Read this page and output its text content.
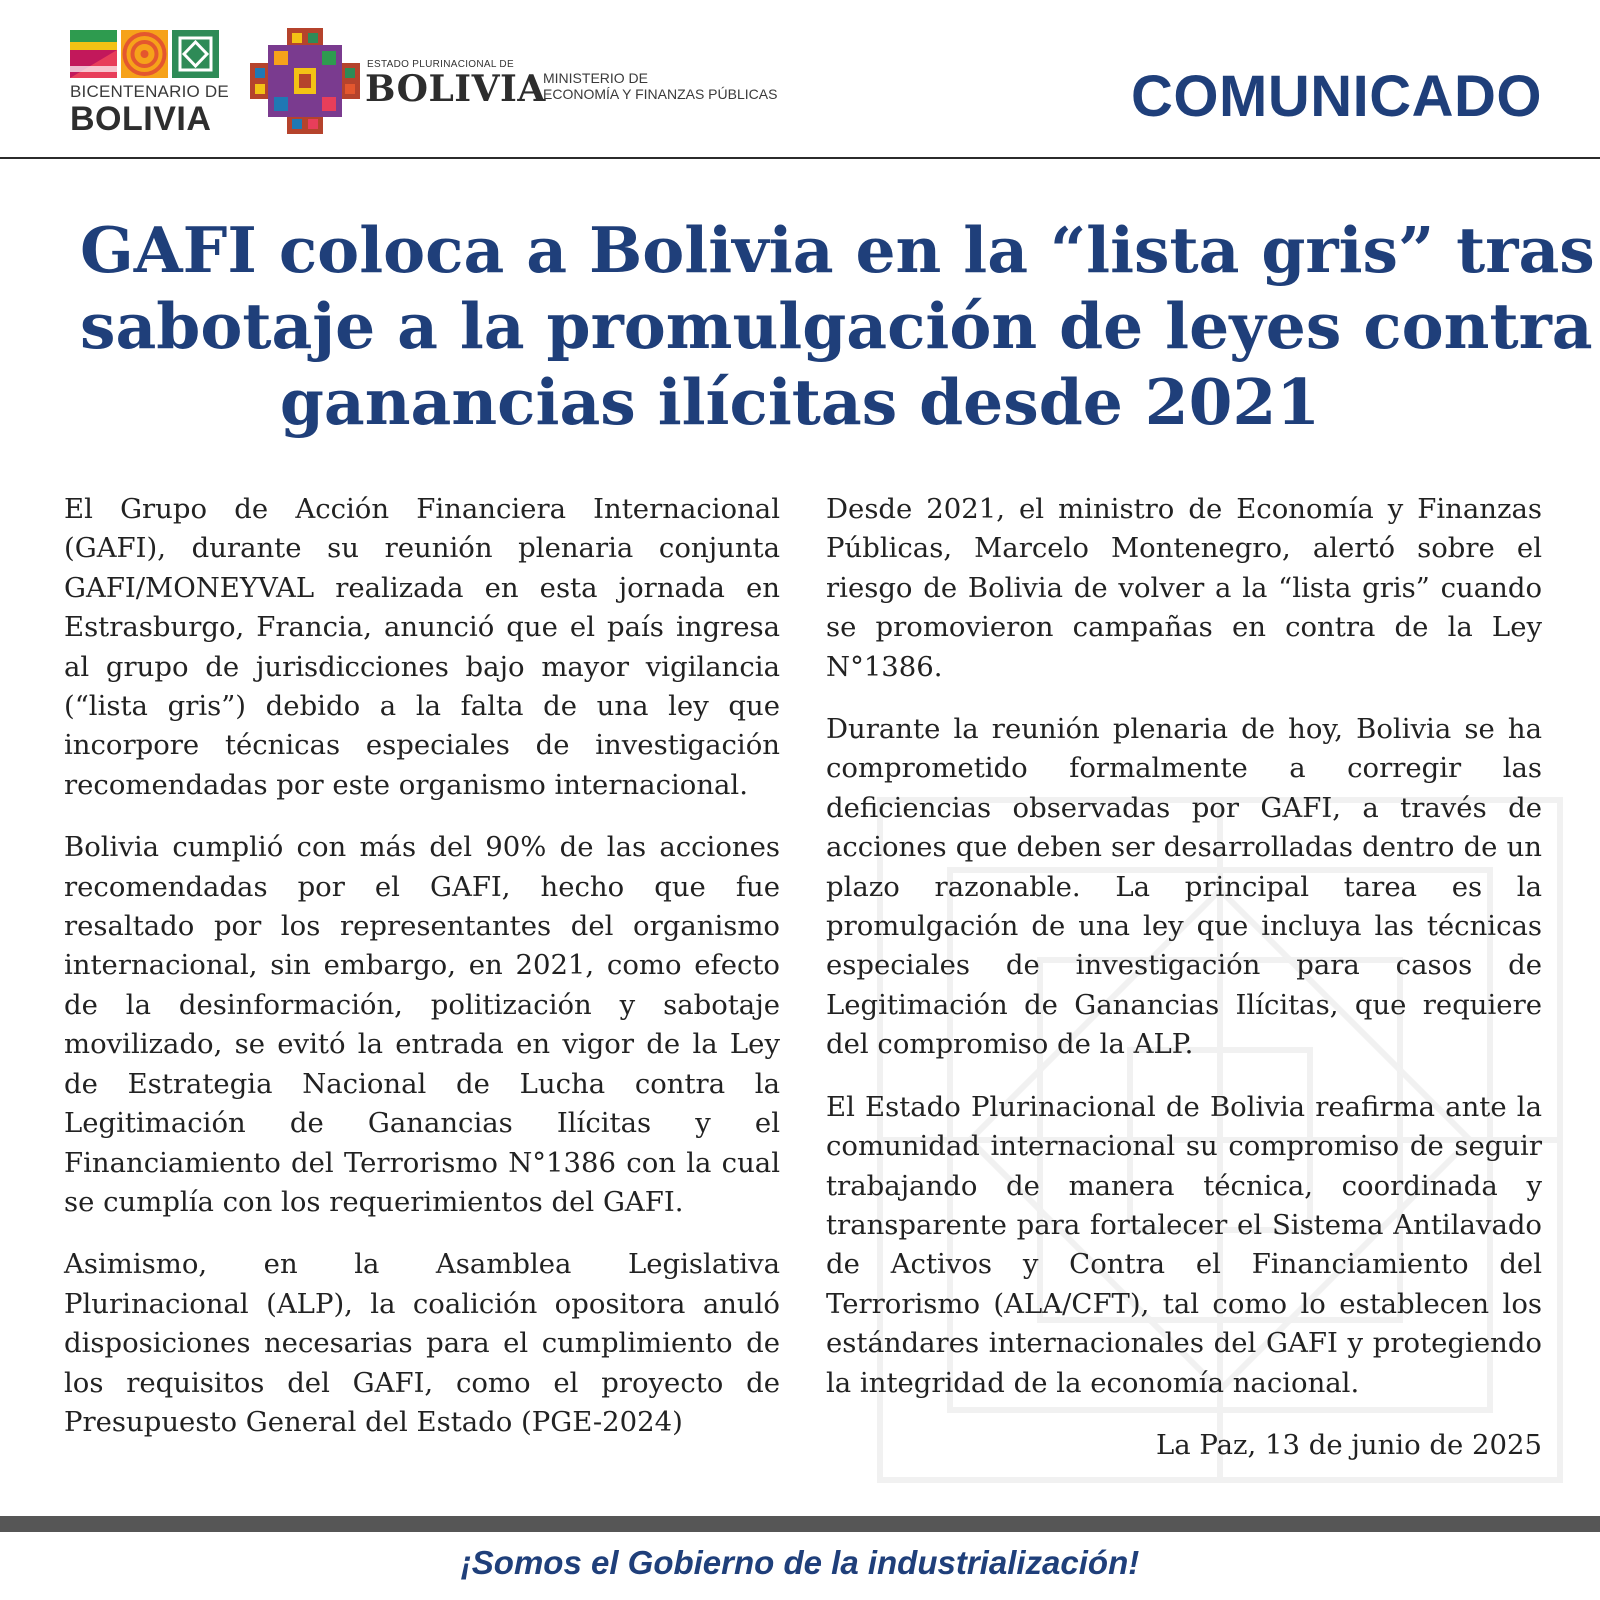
BICENTENARIO DE
BOLIVIA
ESTADO PLURINACIONAL DE
BOLIVIA
MINISTERIO DE
ECONOMÍA Y FINANZAS PÚBLICAS	COMUNICADO
GAFI coloca a Bolivia en la “lista gris” tras
sabotaje a la promulgación de leyes contra
ganancias ilícitas desde 2021

El Grupo de Acción Financiera Internacional (GAFI), durante su reunión plenaria conjunta GAFI/MONEYVAL realizada en esta jornada en Estrasburgo, Francia, anunció que el país ingresa al grupo de jurisdicciones bajo mayor vigilancia (“lista gris”) debido a la falta de una ley que incorpore técnicas especiales de investigación recomendadas por este organismo internacional.

Bolivia cumplió con más del 90% de las acciones recomendadas por el GAFI, hecho que fue resaltado por los representantes del organismo internacional, sin embargo, en 2021, como efecto de la desinformación, politización y sabotaje movilizado, se evitó la entrada en vigor de la Ley de Estrategia Nacional de Lucha contra la Legitimación de Ganancias Ilícitas y el Financiamiento del Terrorismo N°1386 con la cual se cumplía con los requerimientos del GAFI.

Asimismo, en la Asamblea Legislativa Plurinacional (ALP), la coalición opositora anuló disposiciones necesarias para el cumplimiento de los requisitos del GAFI, como el proyecto de Presupuesto General del Estado (PGE-2024)

Desde 2021, el ministro de Economía y Finanzas Públicas, Marcelo Montenegro, alertó sobre el riesgo de Bolivia de volver a la “lista gris” cuando se promovieron campañas en contra de la Ley N°1386.

Durante la reunión plenaria de hoy, Bolivia se ha comprometido formalmente a corregir las deficiencias observadas por GAFI, a través de acciones que deben ser desarrolladas dentro de un plazo razonable. La principal tarea es la promulgación de una ley que incluya las técnicas especiales de investigación para casos de Legitimación de Ganancias Ilícitas, que requiere del compromiso de la ALP.

El Estado Plurinacional de Bolivia reafirma ante la comunidad internacional su compromiso de seguir trabajando de manera técnica, coordinada y transparente para fortalecer el Sistema Antilavado de Activos y Contra el Financiamiento del Terrorismo (ALA/CFT), tal como lo establecen los estándares internacionales del GAFI y protegiendo la integridad de la economía nacional.

La Paz, 13 de junio de 2025
¡Somos el Gobierno de la industrialización!
